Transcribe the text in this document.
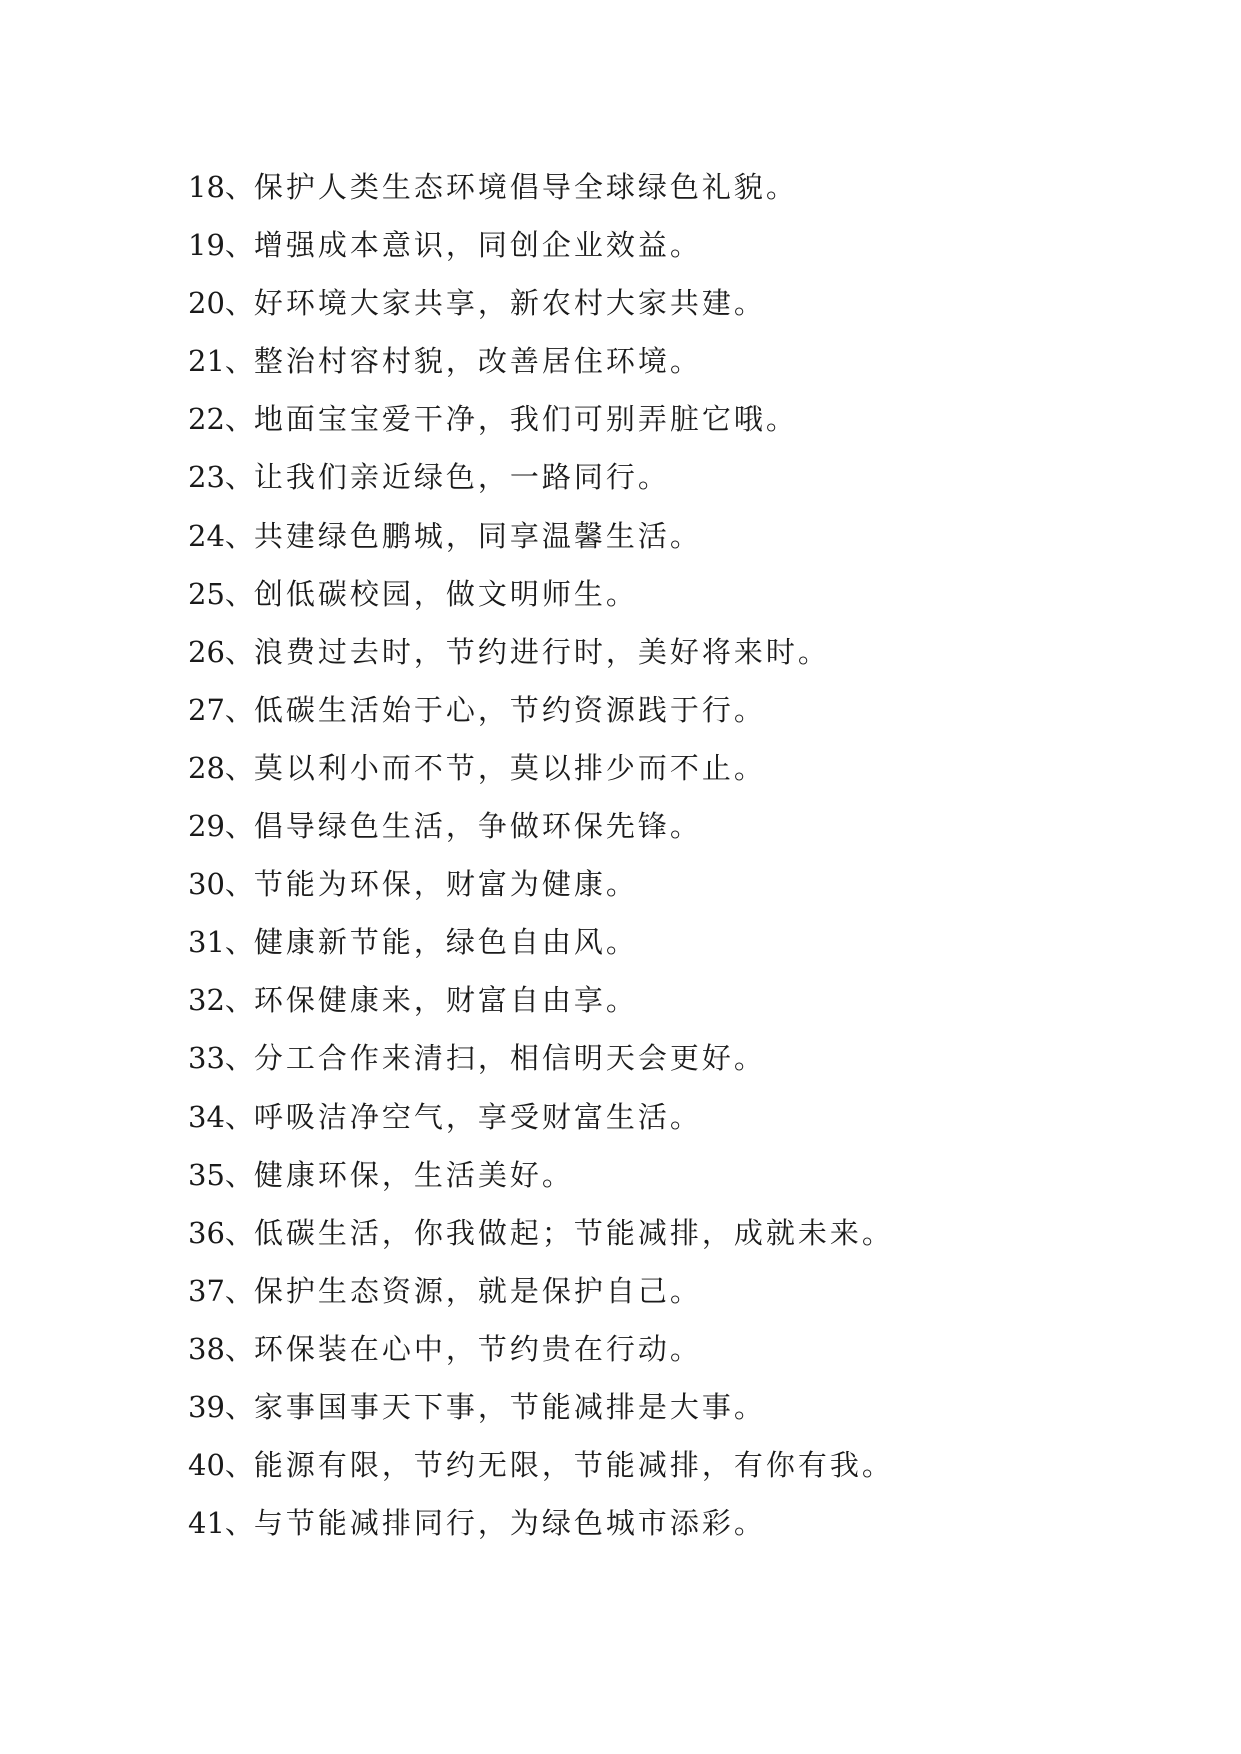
18、保护人类生态环境倡导全球绿色礼貌。
19、增强成本意识，同创企业效益。
20、好环境大家共享，新农村大家共建。
21、整治村容村貌，改善居住环境。
22、地面宝宝爱干净，我们可别弄脏它哦。
23、让我们亲近绿色，一路同行。
24、共建绿色鹏城，同享温馨生活。
25、创低碳校园，做文明师生。
26、浪费过去时，节约进行时，美好将来时。
27、低碳生活始于心，节约资源践于行。
28、莫以利小而不节，莫以排少而不止。
29、倡导绿色生活，争做环保先锋。
30、节能为环保，财富为健康。
31、健康新节能，绿色自由风。
32、环保健康来，财富自由享。
33、分工合作来清扫，相信明天会更好。
34、呼吸洁净空气，享受财富生活。
35、健康环保，生活美好。
36、低碳生活，你我做起；节能减排，成就未来。
37、保护生态资源，就是保护自己。
38、环保装在心中，节约贵在行动。
39、家事国事天下事，节能减排是大事。
40、能源有限，节约无限，节能减排，有你有我。
41、与节能减排同行，为绿色城市添彩。
